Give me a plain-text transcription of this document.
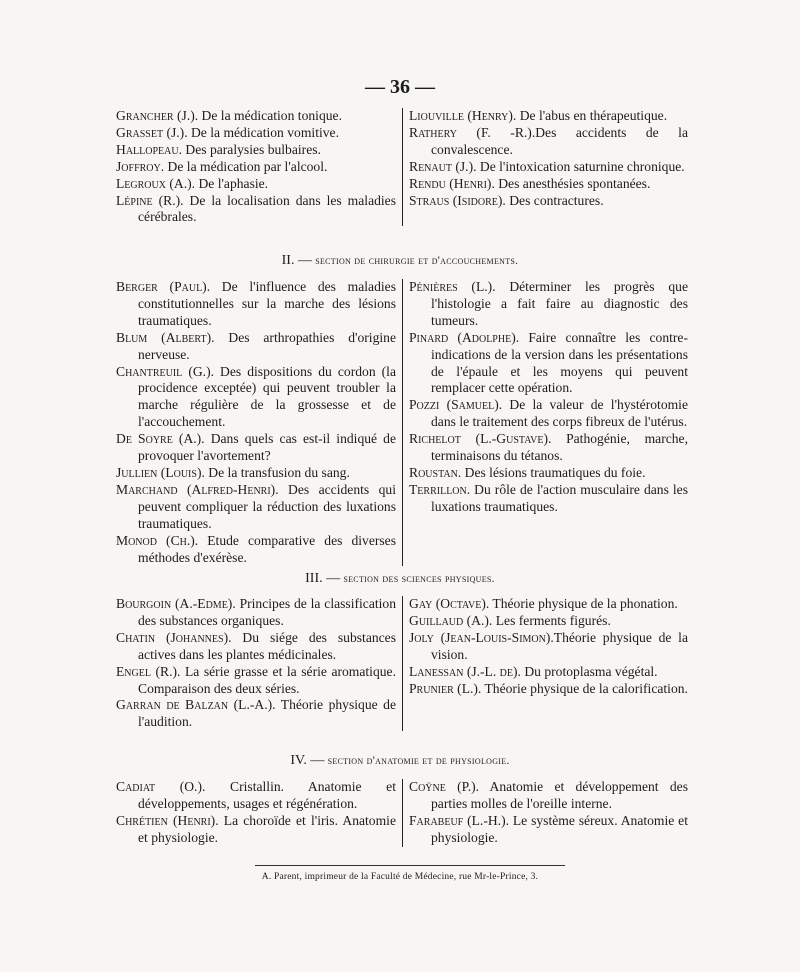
— 36 —
Grancher (J.). De la médication tonique.
Grasset (J.). De la médication vomitive.
Hallopeau. Des paralysies bulbaires.
Joffroy. De la médication par l'alcool.
Legroux (A.). De l'aphasie.
Lépine (R.). De la localisation dans les maladies cérébrales.
Liouville (Henry). De l'abus en thérapeutique.
Rathery (F. -R.).Des accidents de la convalescence.
Renaut (J.). De l'intoxication saturnine chronique.
Rendu (Henri). Des anesthésies spontanées.
Straus (Isidore). Des contractures.
II. — section de chirurgie et d'accouchements.
Berger (Paul). De l'influence des maladies constitutionnelles sur la marche des lésions traumatiques.
Blum (Albert). Des arthropathies d'origine nerveuse.
Chantreuil (G.). Des dispositions du cordon (la procidence exceptée) qui peuvent troubler la marche régulière de la grossesse et de l'accouchement.
De Soyre (A.). Dans quels cas est-il indiqué de provoquer l'avortement?
Jullien (Louis). De la transfusion du sang.
Marchand (Alfred-Henri). Des accidents qui peuvent compliquer la réduction des luxations traumatiques.
Monod (Ch.). Etude comparative des diverses méthodes d'exérèse.
Pénières (L.). Déterminer les progrès que l'histologie a fait faire au diagnostic des tumeurs.
Pinard (Adolphe). Faire connaître les contre-indications de la version dans les présentations de l'épaule et les moyens qui peuvent remplacer cette opération.
Pozzi (Samuel). De la valeur de l'hystérotomie dans le traitement des corps fibreux de l'utérus.
Richelot (L.-Gustave). Pathogénie, marche, terminaisons du tétanos.
Roustan. Des lésions traumatiques du foie.
Terrillon. Du rôle de l'action musculaire dans les luxations traumatiques.
III. — section des sciences physiques.
Bourgoin (A.-Edme). Principes de la classification des substances organiques.
Chatin (Johannes). Du siége des substances actives dans les plantes médicinales.
Engel (R.). La série grasse et la série aromatique. Comparaison des deux séries.
Garran de Balzan (L.-A.). Théorie physique de l'audition.
Gay (Octave). Théorie physique de la phonation.
Guillaud (A.). Les ferments figurés.
Joly (Jean-Louis-Simon).Théorie physique de la vision.
Lanessan (J.-L. de). Du protoplasma végétal.
Prunier (L.). Théorie physique de la calorification.
IV. — section d'anatomie et de physiologie.
Cadiat (O.). Cristallin. Anatomie et développements, usages et régénération.
Chrétien (Henri). La choroïde et l'iris. Anatomie et physiologie.
Coÿne (P.). Anatomie et développement des parties molles de l'oreille interne.
Farabeuf (L.-H.). Le système séreux. Anatomie et physiologie.
A. Parent, imprimeur de la Faculté de Médecine, rue Mr-le-Prince, 3.
